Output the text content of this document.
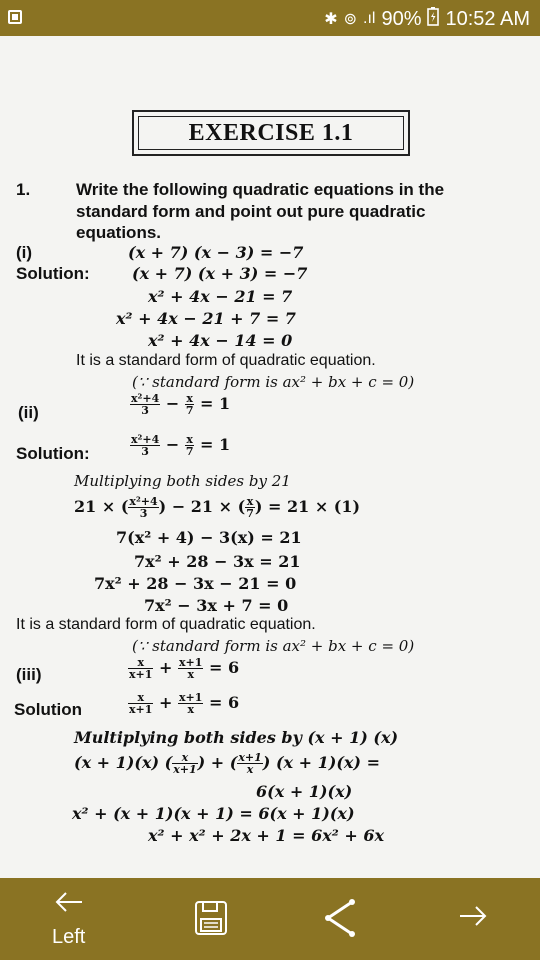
✱ ⊚ .ıl 90% 10:52 AM
EXERCISE 1.1
1.	Write the following quadratic equations in the
standard form and point out pure quadratic
equations.
(i)	(x + 7) (x − 3) = −7
Solution:	(x + 7) (x + 3) = −7
x² + 4x − 21 = 7
x² + 4x − 21 + 7 = 7
x² + 4x − 14 = 0
It is a standard form of quadratic equation.
(∵ standard form is ax² + bx + c = 0)
(ii)	$\frac{\text{x²+4}}{3} - \frac{x}{7} = 1$
Solution:	$\frac{\text{x²+4}}{3} - \frac{x}{7} = 1$
Multiplying both sides by 21
21 × ( $\frac{\text{x²+4}}{3}$ ) − 21 × ( $\frac{x}{7}$ ) = 21 × (1)
7(x² + 4) − 3(x) = 21
7x² + 28 − 3x = 21
7x² + 28 − 3x − 21 = 0
7x² − 3x + 7 = 0
It is a standard form of quadratic equation.
(∵ standard form is ax² + bx + c = 0)
(iii)	$\frac{x}{x+1} + \frac{x+1}{x} = 6$
Solution	$\frac{x}{x+1} + \frac{x+1}{x} = 6$
Multiplying both sides by (x + 1) (x)
(x + 1)(x) ( $\frac{x}{x+1}$ ) + ( $\frac{x+1}{x}$ ) (x + 1)(x) =
6(x + 1)(x)
x² + (x + 1)(x + 1) = 6(x + 1)(x)
x² + x² + 2x + 1 = 6x² + 6x
Left
